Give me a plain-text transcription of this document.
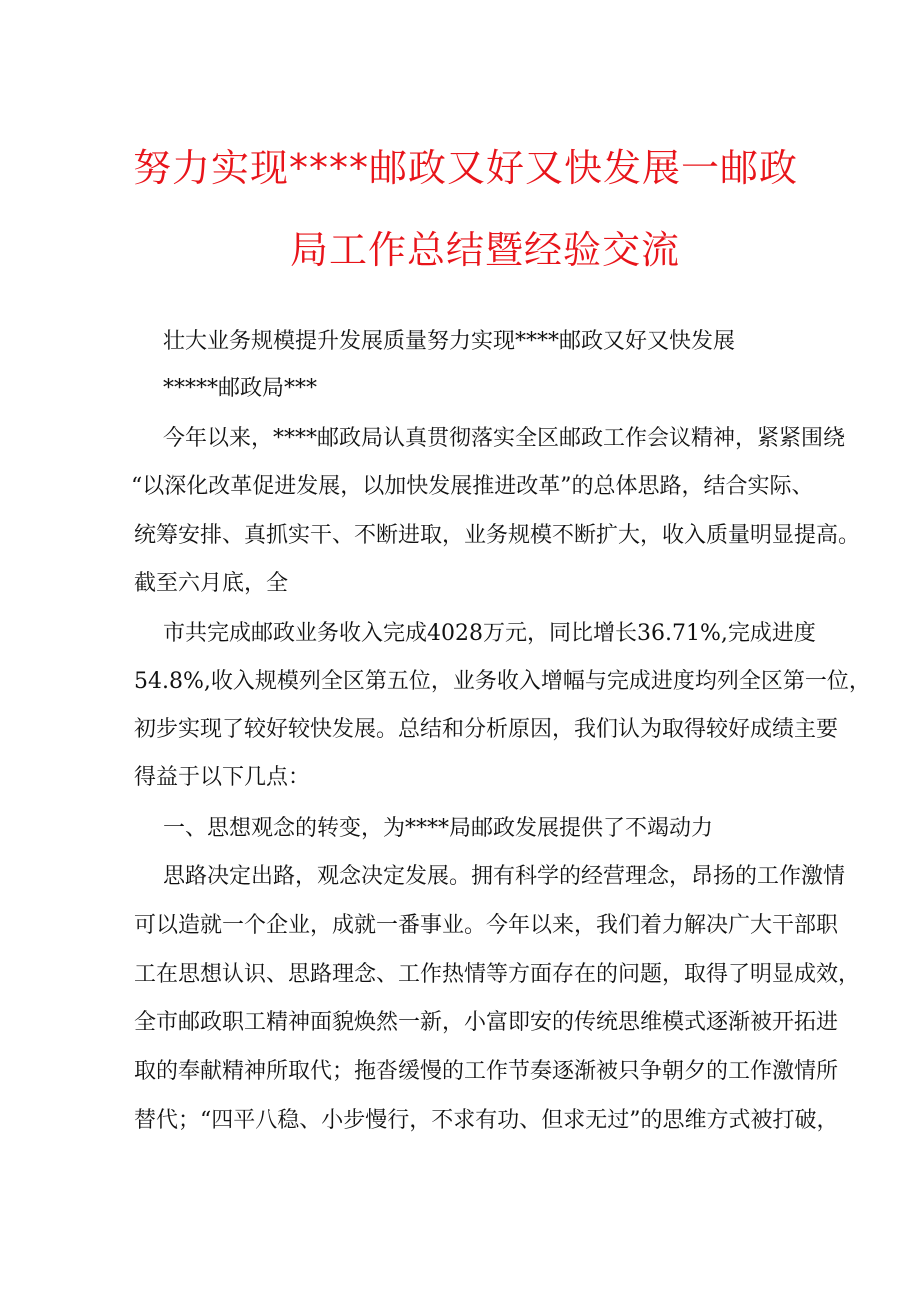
努力实现****邮政又好又快发展一邮政
局工作总结暨经验交流
壮大业务规模提升发展质量努力实现****邮政又好又快发展
*****邮政局***
今年以来，****邮政局认真贯彻落实全区邮政工作会议精神，紧紧围绕
“以深化改革促进发展，以加快发展推进改革”的总体思路，结合实际、
统筹安排、真抓实干、不断进取，业务规模不断扩大，收入质量明显提高。
截至六月底，全
市共完成邮政业务收入完成4028万元，同比增长36.71%,完成进度
54.8%,收入规模列全区第五位，业务收入增幅与完成进度均列全区第一位，
初步实现了较好较快发展。总结和分析原因，我们认为取得较好成绩主要
得益于以下几点：
一、思想观念的转变，为****局邮政发展提供了不竭动力
思路决定出路，观念决定发展。拥有科学的经营理念，昂扬的工作激情
可以造就一个企业，成就一番事业。今年以来，我们着力解决广大干部职
工在思想认识、思路理念、工作热情等方面存在的问题，取得了明显成效，
全市邮政职工精神面貌焕然一新，小富即安的传统思维模式逐渐被开拓进
取的奉献精神所取代；拖沓缓慢的工作节奏逐渐被只争朝夕的工作激情所
替代；“四平八稳、小步慢行，不求有功、但求无过”的思维方式被打破，
